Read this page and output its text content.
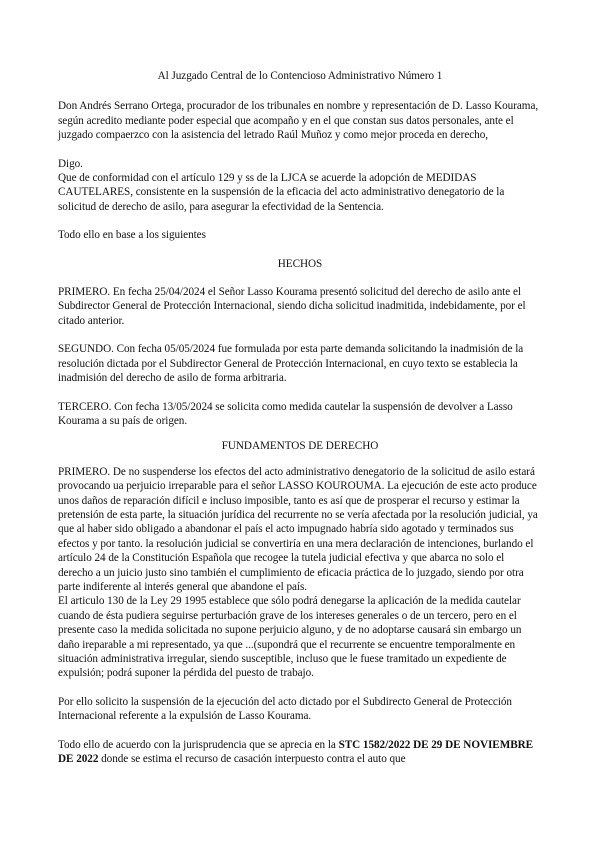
Al Juzgado Central de lo Contencioso Administrativo Número 1

Don Andrés Serrano Ortega, procurador de los tribunales en nombre y representación de D. Lasso Kourama, según acredito mediante poder especial que acompaño y en el que constan sus datos personales, ante el juzgado compaerzco con la asistencia del letrado Raúl Muñoz y como mejor proceda en derecho,

Digo.

Que de conformidad con el artículo 129 y ss de la LJCA se acuerde la adopción de MEDIDAS CAUTELARES, consistente en la suspensión de la eficacia del acto administrativo denegatorio de la solicitud de derecho de asilo, para asegurar la efectividad de la Sentencia.

Todo ello en base a los siguientes

HECHOS

PRIMERO. En fecha 25/04/2024 el Señor Lasso Kourama presentó solicitud del derecho de asilo ante el Subdirector General de Protección Internacional, siendo dicha solicitud inadmitida, indebidamente, por el citado anterior.

SEGUNDO. Con fecha 05/05/2024 fue formulada por esta parte demanda solicitando la inadmisión de la resolución dictada por el Subdirector General de Protección Internacional, en cuyo texto se establecia la inadmisión del derecho de asilo de forma arbitraria.

TERCERO. Con fecha 13/05/2024 se solicita como medida cautelar la suspensión de devolver a Lasso Kourama a su país de origen.

FUNDAMENTOS DE DERECHO

PRIMERO. De no suspenderse los efectos del acto administrativo denegatorio de la solicitud de asilo estará provocando ua perjuicio irreparable para el señor LASSO KOUROUMA. La ejecución de este acto produce unos daños de reparación difícil e incluso imposible, tanto es así que de prosperar el recurso y estimar la pretensión de esta parte, la situación jurídica del recurrente no se vería afectada por la resolución judicial, ya que al haber sido obligado a abandonar el país el acto impugnado habría sido agotado y terminados sus efectos y por tanto. la resolución judicial se convertiría en una mera declaración de intenciones, burlando el artículo 24 de la Constitución Española que recogee la tutela judicial efectiva y que abarca no solo el derecho a un juicio justo sino también el cumplimiento de eficacia práctica de lo juzgado, siendo por otra parte indiferente al interés general que abandone el país.

El articulo 130 de la Ley 29 1995 establece que sólo podrá denegarse la aplicación de la medida cautelar cuando de ésta pudiera seguirse perturbación grave de los intereses generales o de un tercero, pero en el presente caso la medida solicitada no supone perjuicio alguno, y de no adoptarse causará sin embargo un daño ireparable a mi representado, ya que ...(supondrá que el recurrente se encuentre temporalmente en situación administrativa irregular, siendo susceptible, incluso que le fuese tramitado un expediente de expulsión; podrá suponer la pérdida del puesto de trabajo.

Por ello solicito la suspensión de la ejecución del acto dictado por el Subdirecto General de Protección Internacional referente a la expulsión de Lasso Kourama.

Todo ello de acuerdo con la jurisprudencia que se aprecia en la STC 1582/2022 DE 29 DE NOVIEMBRE DE 2022 donde se estima el recurso de casación interpuesto contra el auto que
